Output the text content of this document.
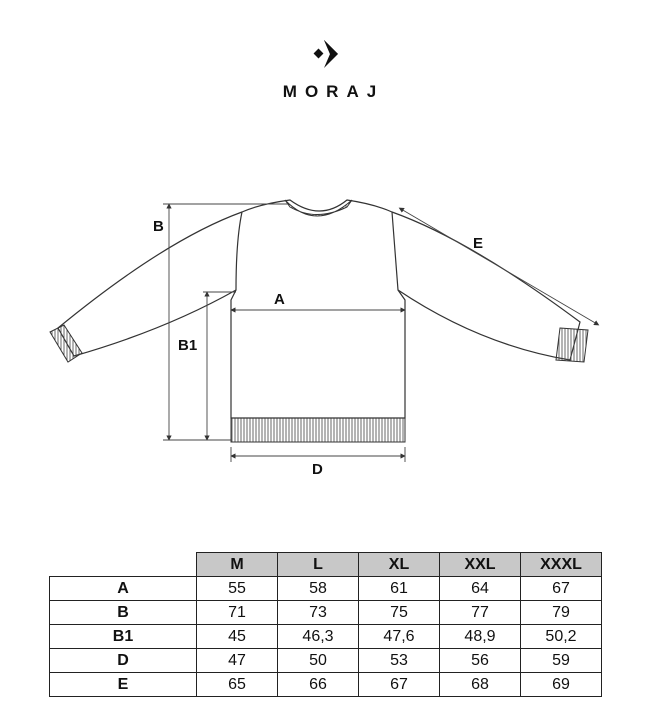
MORAJ
A
B
B1
D
E
	M	L	XL	XXL	XXXL
A	55	58	61	64	67
B	71	73	75	77	79
B1	45	46,3	47,6	48,9	50,2
D	47	50	53	56	59
E	65	66	67	68	69
